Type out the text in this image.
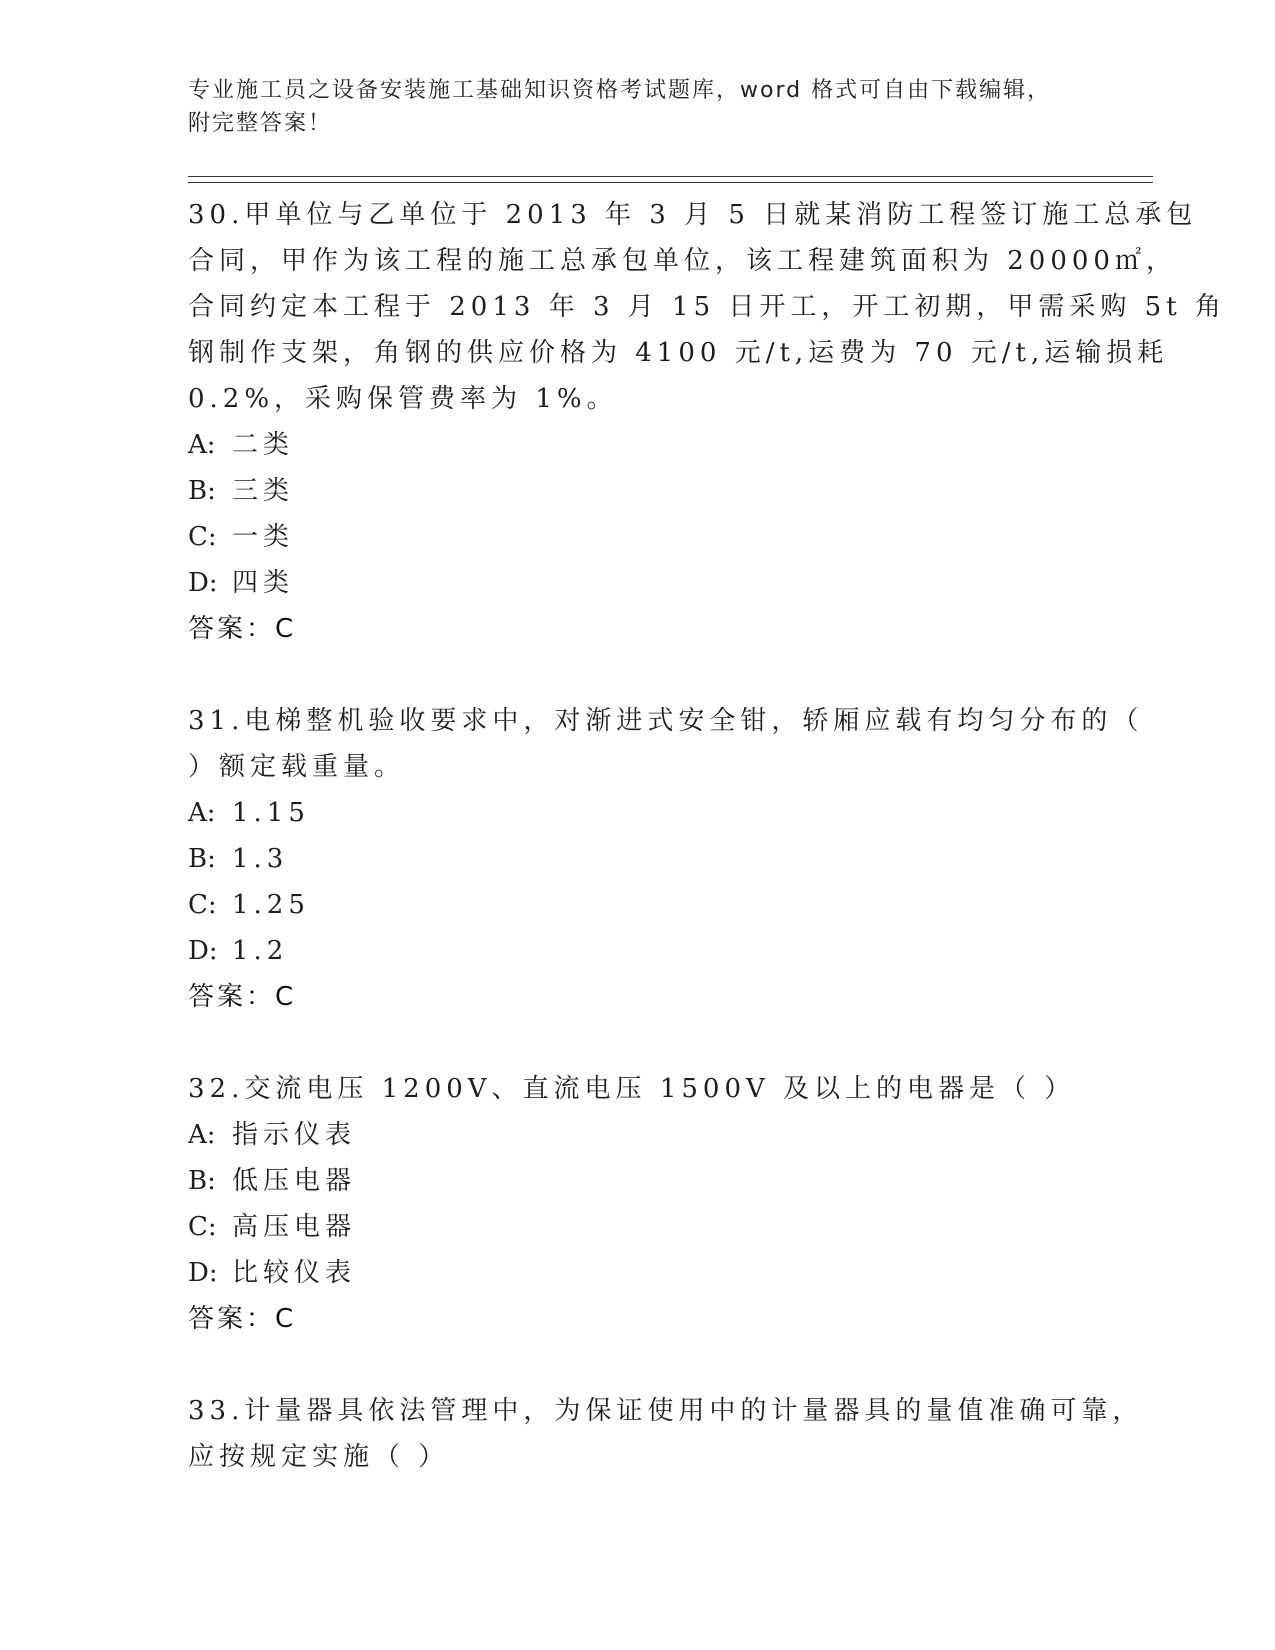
专业施工员之设备安装施工基础知识资格考试题库，word 格式可自由下载编辑，
附完整答案！
30.甲单位与乙单位于 2013 年 3 月 5 日就某消防工程签订施工总承包
合同，甲作为该工程的施工总承包单位，该工程建筑面积为 20000㎡，
合同约定本工程于 2013 年 3 月 15 日开工，开工初期，甲需采购 5t 角
钢制作支架，角钢的供应价格为 4100 元/t,运费为 70 元/t,运输损耗
0.2%，采购保管费率为 1%。
A: 二类
B: 三类
C: 一类
D: 四类
答案：C
31.电梯整机验收要求中，对渐进式安全钳，轿厢应载有均匀分布的（
）额定载重量。
A: 1.15
B: 1.3
C: 1.25
D: 1.2
答案：C
32.交流电压 1200V、直流电压 1500V 及以上的电器是（ ）
A: 指示仪表
B: 低压电器
C: 高压电器
D: 比较仪表
答案：C
33.计量器具依法管理中，为保证使用中的计量器具的量值准确可靠，
应按规定实施（ ）
